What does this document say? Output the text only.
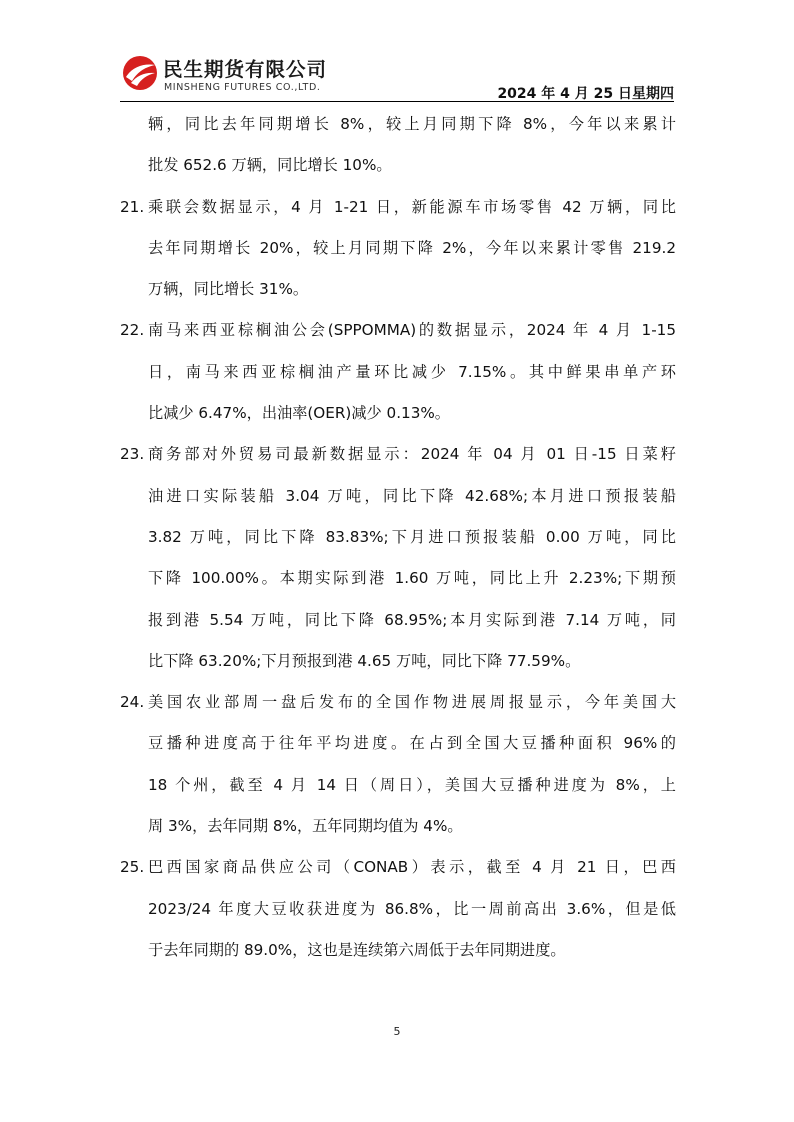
民生期货有限公司
MINSHENG FUTURES CO.,LTD.	2024 年 4 月 25 日星期四
辆，同比去年同期增长 8%，较上月同期下降 8%，今年以来累计
批发 652.6 万辆，同比增长 10%。
21. 乘联会数据显示，4 月 1-21 日，新能源车市场零售 42 万辆，同比
去年同期增长 20%，较上月同期下降 2%，今年以来累计零售 219.2
万辆，同比增长 31%。
22. 南马来西亚棕榈油公会(SPPOMMA)的数据显示，2024 年 4 月 1-15
日，南马来西亚棕榈油产量环比减少 7.15%。其中鲜果串单产环
比减少 6.47%，出油率(OER)减少 0.13%。
23. 商务部对外贸易司最新数据显示：2024 年 04 月 01 日-15 日菜籽
油进口实际装船 3.04 万吨，同比下降 42.68%;本月进口预报装船
3.82 万吨，同比下降 83.83%;下月进口预报装船 0.00 万吨，同比
下降 100.00%。本期实际到港 1.60 万吨，同比上升 2.23%;下期预
报到港 5.54 万吨，同比下降 68.95%;本月实际到港 7.14 万吨，同
比下降 63.20%;下月预报到港 4.65 万吨，同比下降 77.59%。
24. 美国农业部周一盘后发布的全国作物进展周报显示，今年美国大
豆播种进度高于往年平均进度。在占到全国大豆播种面积 96%的
18 个州，截至 4 月 14 日（周日），美国大豆播种进度为 8%，上
周 3%，去年同期 8%，五年同期均值为 4%。
25. 巴西国家商品供应公司（CONAB）表示，截至 4 月 21 日，巴西
2023/24 年度大豆收获进度为 86.8%，比一周前高出 3.6%，但是低
于去年同期的 89.0%，这也是连续第六周低于去年同期进度。
5
